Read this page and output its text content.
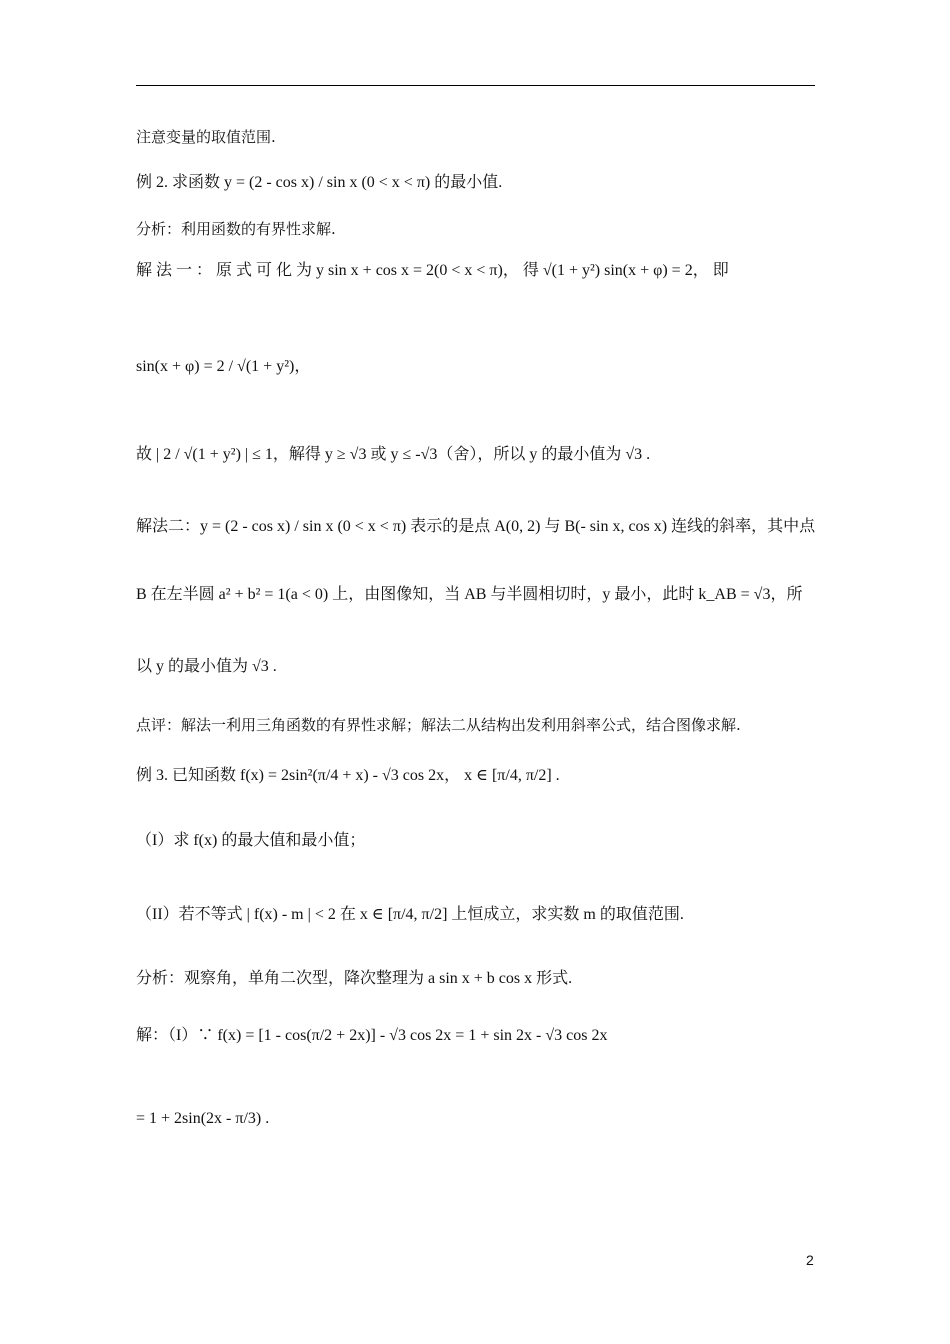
注意变量的取值范围.
例 2. 求函数 y = (2 - cos x) / sin x (0 < x < π) 的最小值.
分析：利用函数的有界性求解.
解 法 一 ： 原 式 可 化 为 y sin x + cos x = 2(0 < x < π)， 得 √(1 + y²) sin(x + φ) = 2， 即
sin(x + φ) = 2 / √(1 + y²)，
故 | 2 / √(1 + y²) | ≤ 1，解得 y ≥ √3 或 y ≤ -√3（舍），所以 y 的最小值为 √3 .
解法二：y = (2 - cos x) / sin x (0 < x < π) 表示的是点 A(0, 2) 与 B(- sin x, cos x) 连线的斜率，其中点
B 在左半圆 a² + b² = 1(a < 0) 上，由图像知，当 AB 与半圆相切时，y 最小，此时 k_AB = √3，所
以 y 的最小值为 √3 .
点评：解法一利用三角函数的有界性求解；解法二从结构出发利用斜率公式，结合图像求解.
例 3. 已知函数 f(x) = 2sin²(π/4 + x) - √3 cos 2x， x ∈ [π/4, π/2] .
（I）求 f(x) 的最大值和最小值；
（II）若不等式 | f(x) - m | < 2 在 x ∈ [π/4, π/2] 上恒成立，求实数 m 的取值范围.
分析：观察角，单角二次型，降次整理为 a sin x + b cos x 形式.
解：（I）∵ f(x) = [1 - cos(π/2 + 2x)] - √3 cos 2x = 1 + sin 2x - √3 cos 2x
= 1 + 2sin(2x - π/3) .
2
